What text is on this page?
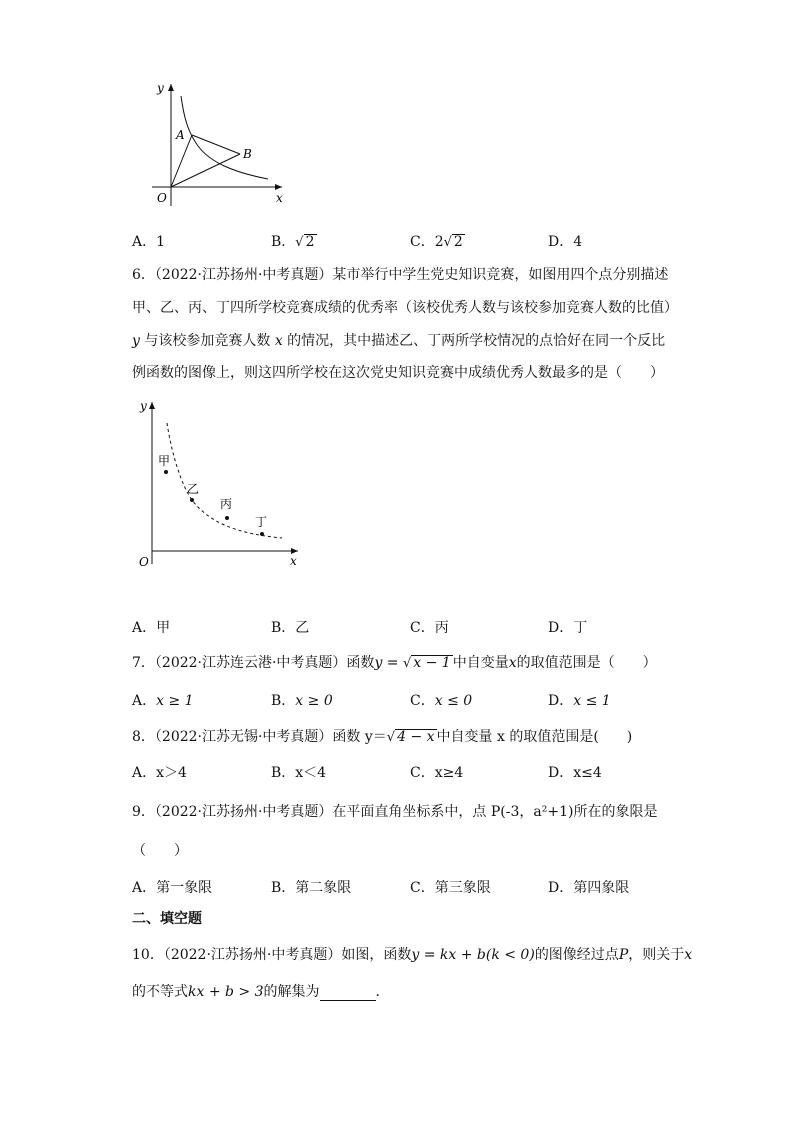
y
x
O
A
B
A．1	B．√ 2	C．2√ 2	D．4
6．（2022·江苏扬州·中考真题）某市举行中学生党史知识竞赛，如图用四个点分别描述
甲、乙、丙、丁四所学校竞赛成绩的优秀率（该校优秀人数与该校参加竞赛人数的比值）
y 与该校参加竞赛人数 x 的情况，其中描述乙、丁两所学校情况的点恰好在同一个反比
例函数的图像上，则这四所学校在这次党史知识竞赛中成绩优秀人数最多的是（　　）
y
x
O
甲
乙
丙
丁
A．甲	B．乙	C．丙	D．丁
7．（2022·江苏连云港·中考真题）函数y = √ x − 1 中自变量x的取值范围是（　　）
A．x ≥ 1	B．x ≥ 0	C．x ≤ 0	D．x ≤ 1
8．（2022·江苏无锡·中考真题）函数 y＝√ 4 − x 中自变量 x 的取值范围是(　　)
A．x＞4	B．x＜4	C．x≥4	D．x≤4
9．（2022·江苏扬州·中考真题）在平面直角坐标系中，点 P(-3，a²+1)所在的象限是
（　　）
A．第一象限	B．第二象限	C．第三象限	D．第四象限
二、填空题
10．（2022·江苏扬州·中考真题）如图，函数y = kx + b(k < 0)的图像经过点P，则关于x
的不等式kx + b > 3的解集为	.
